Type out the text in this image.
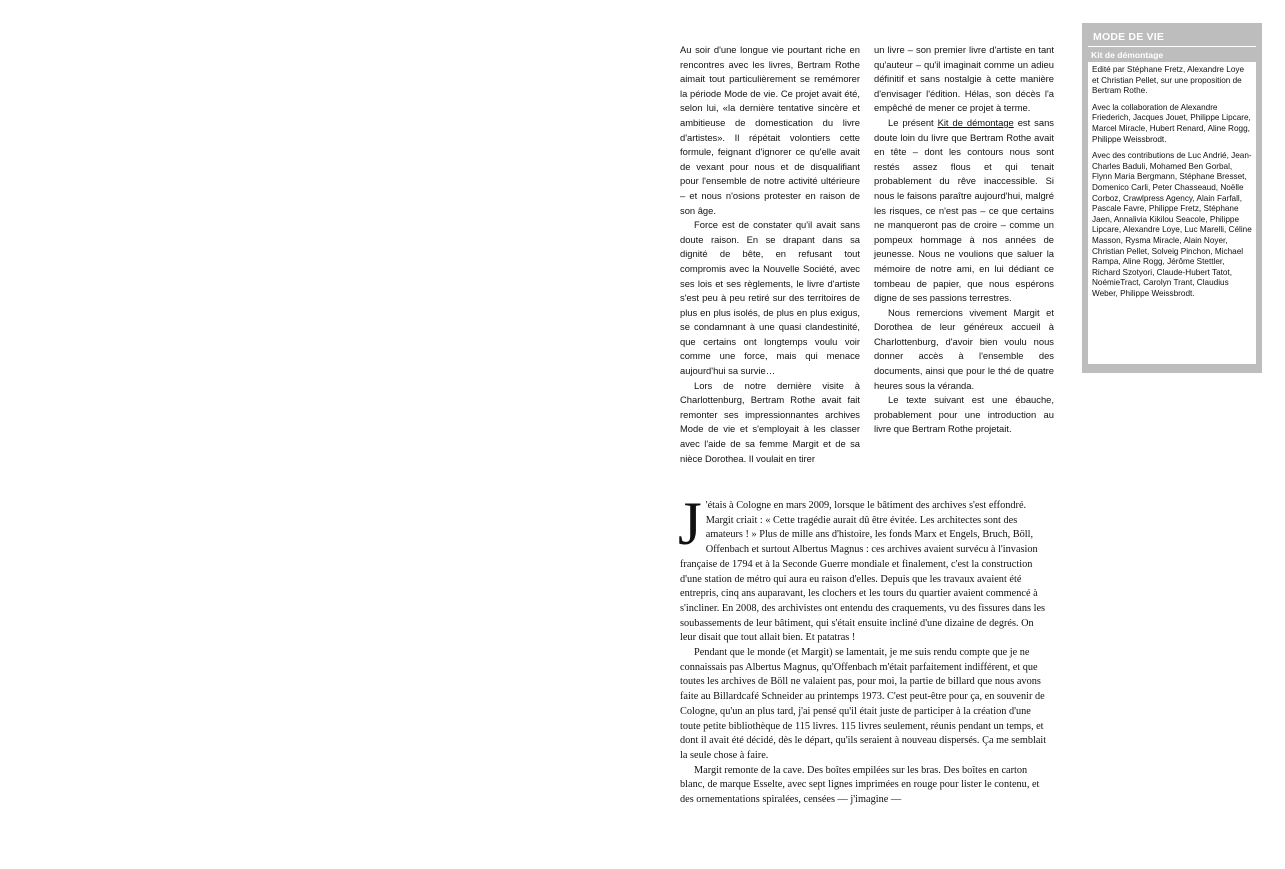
Au soir d'une longue vie pourtant riche en rencontres avec les livres, Bertram Rothe aimait tout particulièrement se remémorer la période Mode de vie. Ce projet avait été, selon lui, «la dernière tentative sincère et ambitieuse de domestication du livre d'artistes». Il répétait volontiers cette formule, feignant d'ignorer ce qu'elle avait de vexant pour nous et de disqualifiant pour l'ensemble de notre activité ultérieure – et nous n'osions protester en raison de son âge.

Force est de constater qu'il avait sans doute raison. En se drapant dans sa dignité de bête, en refusant tout compromis avec la Nouvelle Société, avec ses lois et ses règlements, le livre d'artiste s'est peu à peu retiré sur des territoires de plus en plus isolés, de plus en plus exigus, se condamnant à une quasi clandestinité, que certains ont longtemps voulu voir comme une force, mais qui menace aujourd'hui sa survie…

Lors de notre dernière visite à Charlottenburg, Bertram Rothe avait fait remonter ses impressionnantes archives Mode de vie et s'employait à les classer avec l'aide de sa femme Margit et de sa nièce Dorothea. Il voulait en tirer

un livre – son premier livre d'artiste en tant qu'auteur – qu'il imaginait comme un adieu définitif et sans nostalgie à cette manière d'envisager l'édition. Hélas, son décès l'a empêché de mener ce projet à terme.

Le présent Kit de démontage est sans doute loin du livre que Bertram Rothe avait en tête – dont les contours nous sont restés assez flous et qui tenait probablement du rêve inaccessible. Si nous le faisons paraître aujourd'hui, malgré les risques, ce n'est pas – ce que certains ne manqueront pas de croire – comme un pompeux hommage à nos années de jeunesse. Nous ne voulions que saluer la mémoire de notre ami, en lui dédiant ce tombeau de papier, que nous espérons digne de ses passions terrestres.

Nous remercions vivement Margit et Dorothea de leur généreux accueil à Charlottenburg, d'avoir bien voulu nous donner accès à l'ensemble des documents, ainsi que pour le thé de quatre heures sous la véranda.

Le texte suivant est une ébauche, probablement pour une introduction au livre que Bertram Rothe projetait.

MODE DE VIE
Kit de démontage

Edité par Stéphane Fretz, Alexandre Loye et Christian Pellet, sur une proposition de Bertram Rothe.

Avec la collaboration de Alexandre Friederich, Jacques Jouet, Philippe Lipcare, Marcel Miracle, Hubert Renard, Aline Rogg, Philippe Weissbrodt.

Avec des contributions de Luc Andrié, Jean-Charles Baduli, Mohamed Ben Gorbal, Flynn Maria Bergmann, Stéphane Bresset, Domenico Carli, Peter Chasseaud, Noëlle Corboz, Crawlpress Agency, Alain Farfall, Pascale Favre, Philippe Fretz, Stéphane Jaen, Annalivia Kikilou Seacole, Philippe Lipcare, Alexandre Loye, Luc Marelli, Céline Masson, Rysma Miracle, Alain Noyer, Christian Pellet, Solveig Pinchon, Michael Rampa, Aline Rogg, Jérôme Stettler, Richard Szotyori, Claude-Hubert Tatot, NoémieTract, Carolyn Trant, Claudius Weber, Philippe Weissbrodt.

J 'étais à Cologne en mars 2009, lorsque le bâtiment des archives s'est effondré. Margit criait : « Cette tragédie aurait dû être évitée. Les architectes sont des amateurs ! » Plus de mille ans d'histoire, les fonds Marx et Engels, Bruch, Böll, Offenbach et surtout Albertus Magnus : ces archives avaient survécu à l'invasion française de 1794 et à la Seconde Guerre mondiale et finalement, c'est la construction d'une station de métro qui aura eu raison d'elles. Depuis que les travaux avaient été entrepris, cinq ans auparavant, les clochers et les tours du quartier avaient commencé à s'incliner. En 2008, des archivistes ont entendu des craquements, vu des fissures dans les soubassements de leur bâtiment, qui s'était ensuite incliné d'une dizaine de degrés. On leur disait que tout allait bien. Et patatras !

Pendant que le monde (et Margit) se lamentait, je me suis rendu compte que je ne connaissais pas Albertus Magnus, qu'Offenbach m'était parfaitement indifférent, et que toutes les archives de Böll ne valaient pas, pour moi, la partie de billard que nous avons faite au Billardcafé Schneider au printemps 1973. C'est peut-être pour ça, en souvenir de Cologne, qu'un an plus tard, j'ai pensé qu'il était juste de participer à la création d'une toute petite bibliothèque de 115 livres. 115 livres seulement, réunis pendant un temps, et dont il avait été décidé, dès le départ, qu'ils seraient à nouveau dispersés. Ça me semblait la seule chose à faire.

Margit remonte de la cave. Des boîtes empilées sur les bras. Des boîtes en carton blanc, de marque Esselte, avec sept lignes imprimées en rouge pour lister le contenu, et des ornementations spiralées, censées — j'imagine —
